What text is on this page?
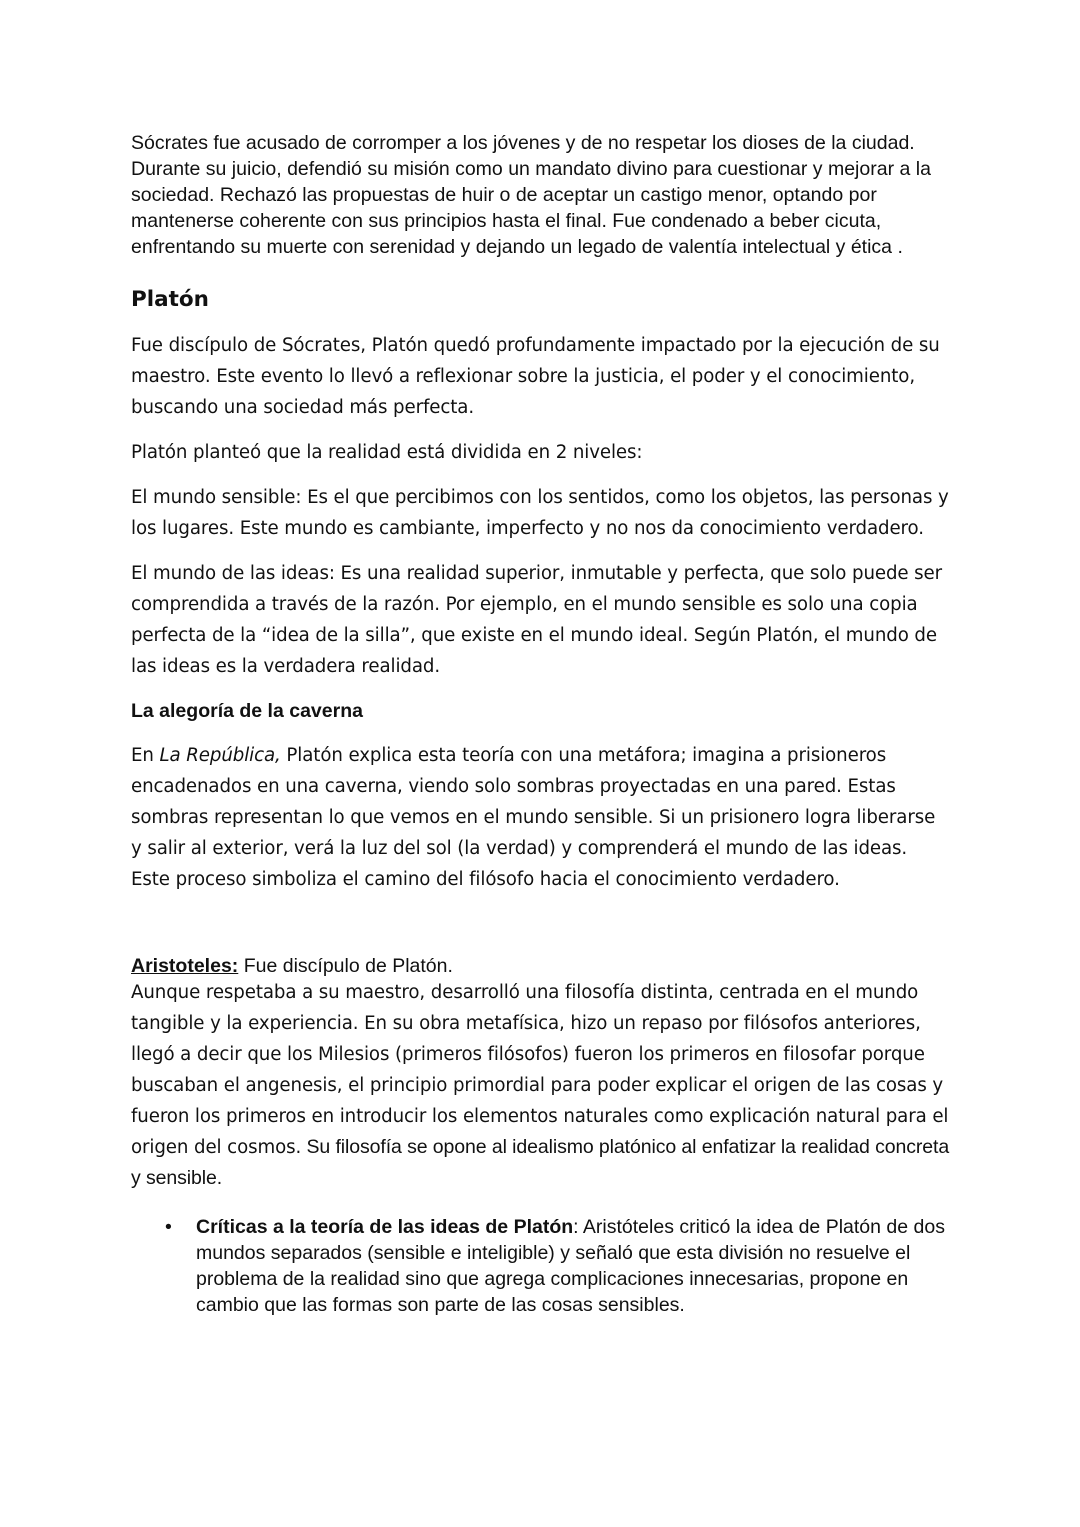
Sócrates fue acusado de corromper a los jóvenes y de no respetar los dioses de la ciudad. Durante su juicio, defendió su misión como un mandato divino para cuestionar y mejorar a la sociedad. Rechazó las propuestas de huir o de aceptar un castigo menor, optando por mantenerse coherente con sus principios hasta el final. Fue condenado a beber cicuta, enfrentando su muerte con serenidad y dejando un legado de valentía intelectual y ética .

Platón

Fue discípulo de Sócrates, Platón quedó profundamente impactado por la ejecución de su maestro. Este evento lo llevó a reflexionar sobre la justicia, el poder y el conocimiento, buscando una sociedad más perfecta.

Platón planteó que la realidad está dividida en 2 niveles:

El mundo sensible: Es el que percibimos con los sentidos, como los objetos, las personas y los lugares. Este mundo es cambiante, imperfecto y no nos da conocimiento verdadero.

El mundo de las ideas: Es una realidad superior, inmutable y perfecta, que solo puede ser comprendida a través de la razón. Por ejemplo, en el mundo sensible es solo una copia perfecta de la “idea de la silla”, que existe en el mundo ideal. Según Platón, el mundo de las ideas es la verdadera realidad.

La alegoría de la caverna

En La República, Platón explica esta teoría con una metáfora; imagina a prisioneros encadenados en una caverna, viendo solo sombras proyectadas en una pared. Estas sombras representan lo que vemos en el mundo sensible. Si un prisionero logra liberarse y salir al exterior, verá la luz del sol (la verdad) y comprenderá el mundo de las ideas. Este proceso simboliza el camino del filósofo hacia el conocimiento verdadero.

Aristoteles: Fue discípulo de Platón.

Aunque respetaba a su maestro, desarrolló una filosofía distinta, centrada en el mundo tangible y la experiencia. En su obra metafísica, hizo un repaso por filósofos anteriores, llegó a decir que los Milesios (primeros filósofos) fueron los primeros en filosofar porque buscaban el angenesis, el principio primordial para poder explicar el origen de las cosas y fueron los primeros en introducir los elementos naturales como explicación natural para el origen del cosmos. Su filosofía se opone al idealismo platónico al enfatizar la realidad concreta y sensible.

• Críticas a la teoría de las ideas de Platón: Aristóteles criticó la idea de Platón de dos mundos separados (sensible e inteligible) y señaló que esta división no resuelve el problema de la realidad sino que agrega complicaciones innecesarias, propone en cambio que las formas son parte de las cosas sensibles.
